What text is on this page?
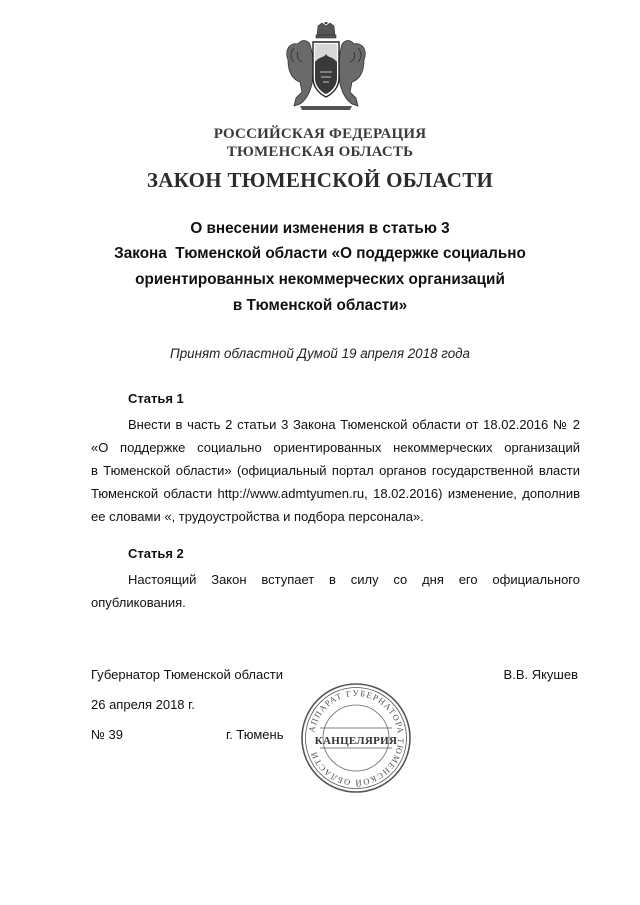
РОССИЙСКАЯ ФЕДЕРАЦИЯ
ТЮМЕНСКАЯ ОБЛАСТЬ
ЗАКОН ТЮМЕНСКОЙ ОБЛАСТИ
О внесении изменения в статью 3
Закона  Тюменской области «О поддержке социально
ориентированных некоммерческих организаций
в Тюменской области»
Принят областной Думой 19 апреля 2018 года
Статья 1
Внести в часть 2 статьи 3 Закона Тюменской области от 18.02.2016 № 2
«О поддержке социально ориентированных некоммерческих организаций
в Тюменской области» (официальный портал органов государственной власти
Тюменской области http://www.admtyumen.ru, 18.02.2016) изменение, дополнив
ее словами «, трудоустройства и подбора персонала».
Статья 2
Настоящий Закон вступает в силу со дня его официального
опубликования.
Губернатор Тюменской области	В.В. Якушев
26 апреля 2018 г.
№ 39	г. Тюмень	АППАРАТ ГУБЕРНАТОРА ТЮМЕНСКОЙ ОБЛАСТИ
КАНЦЕЛЯРИЯ
